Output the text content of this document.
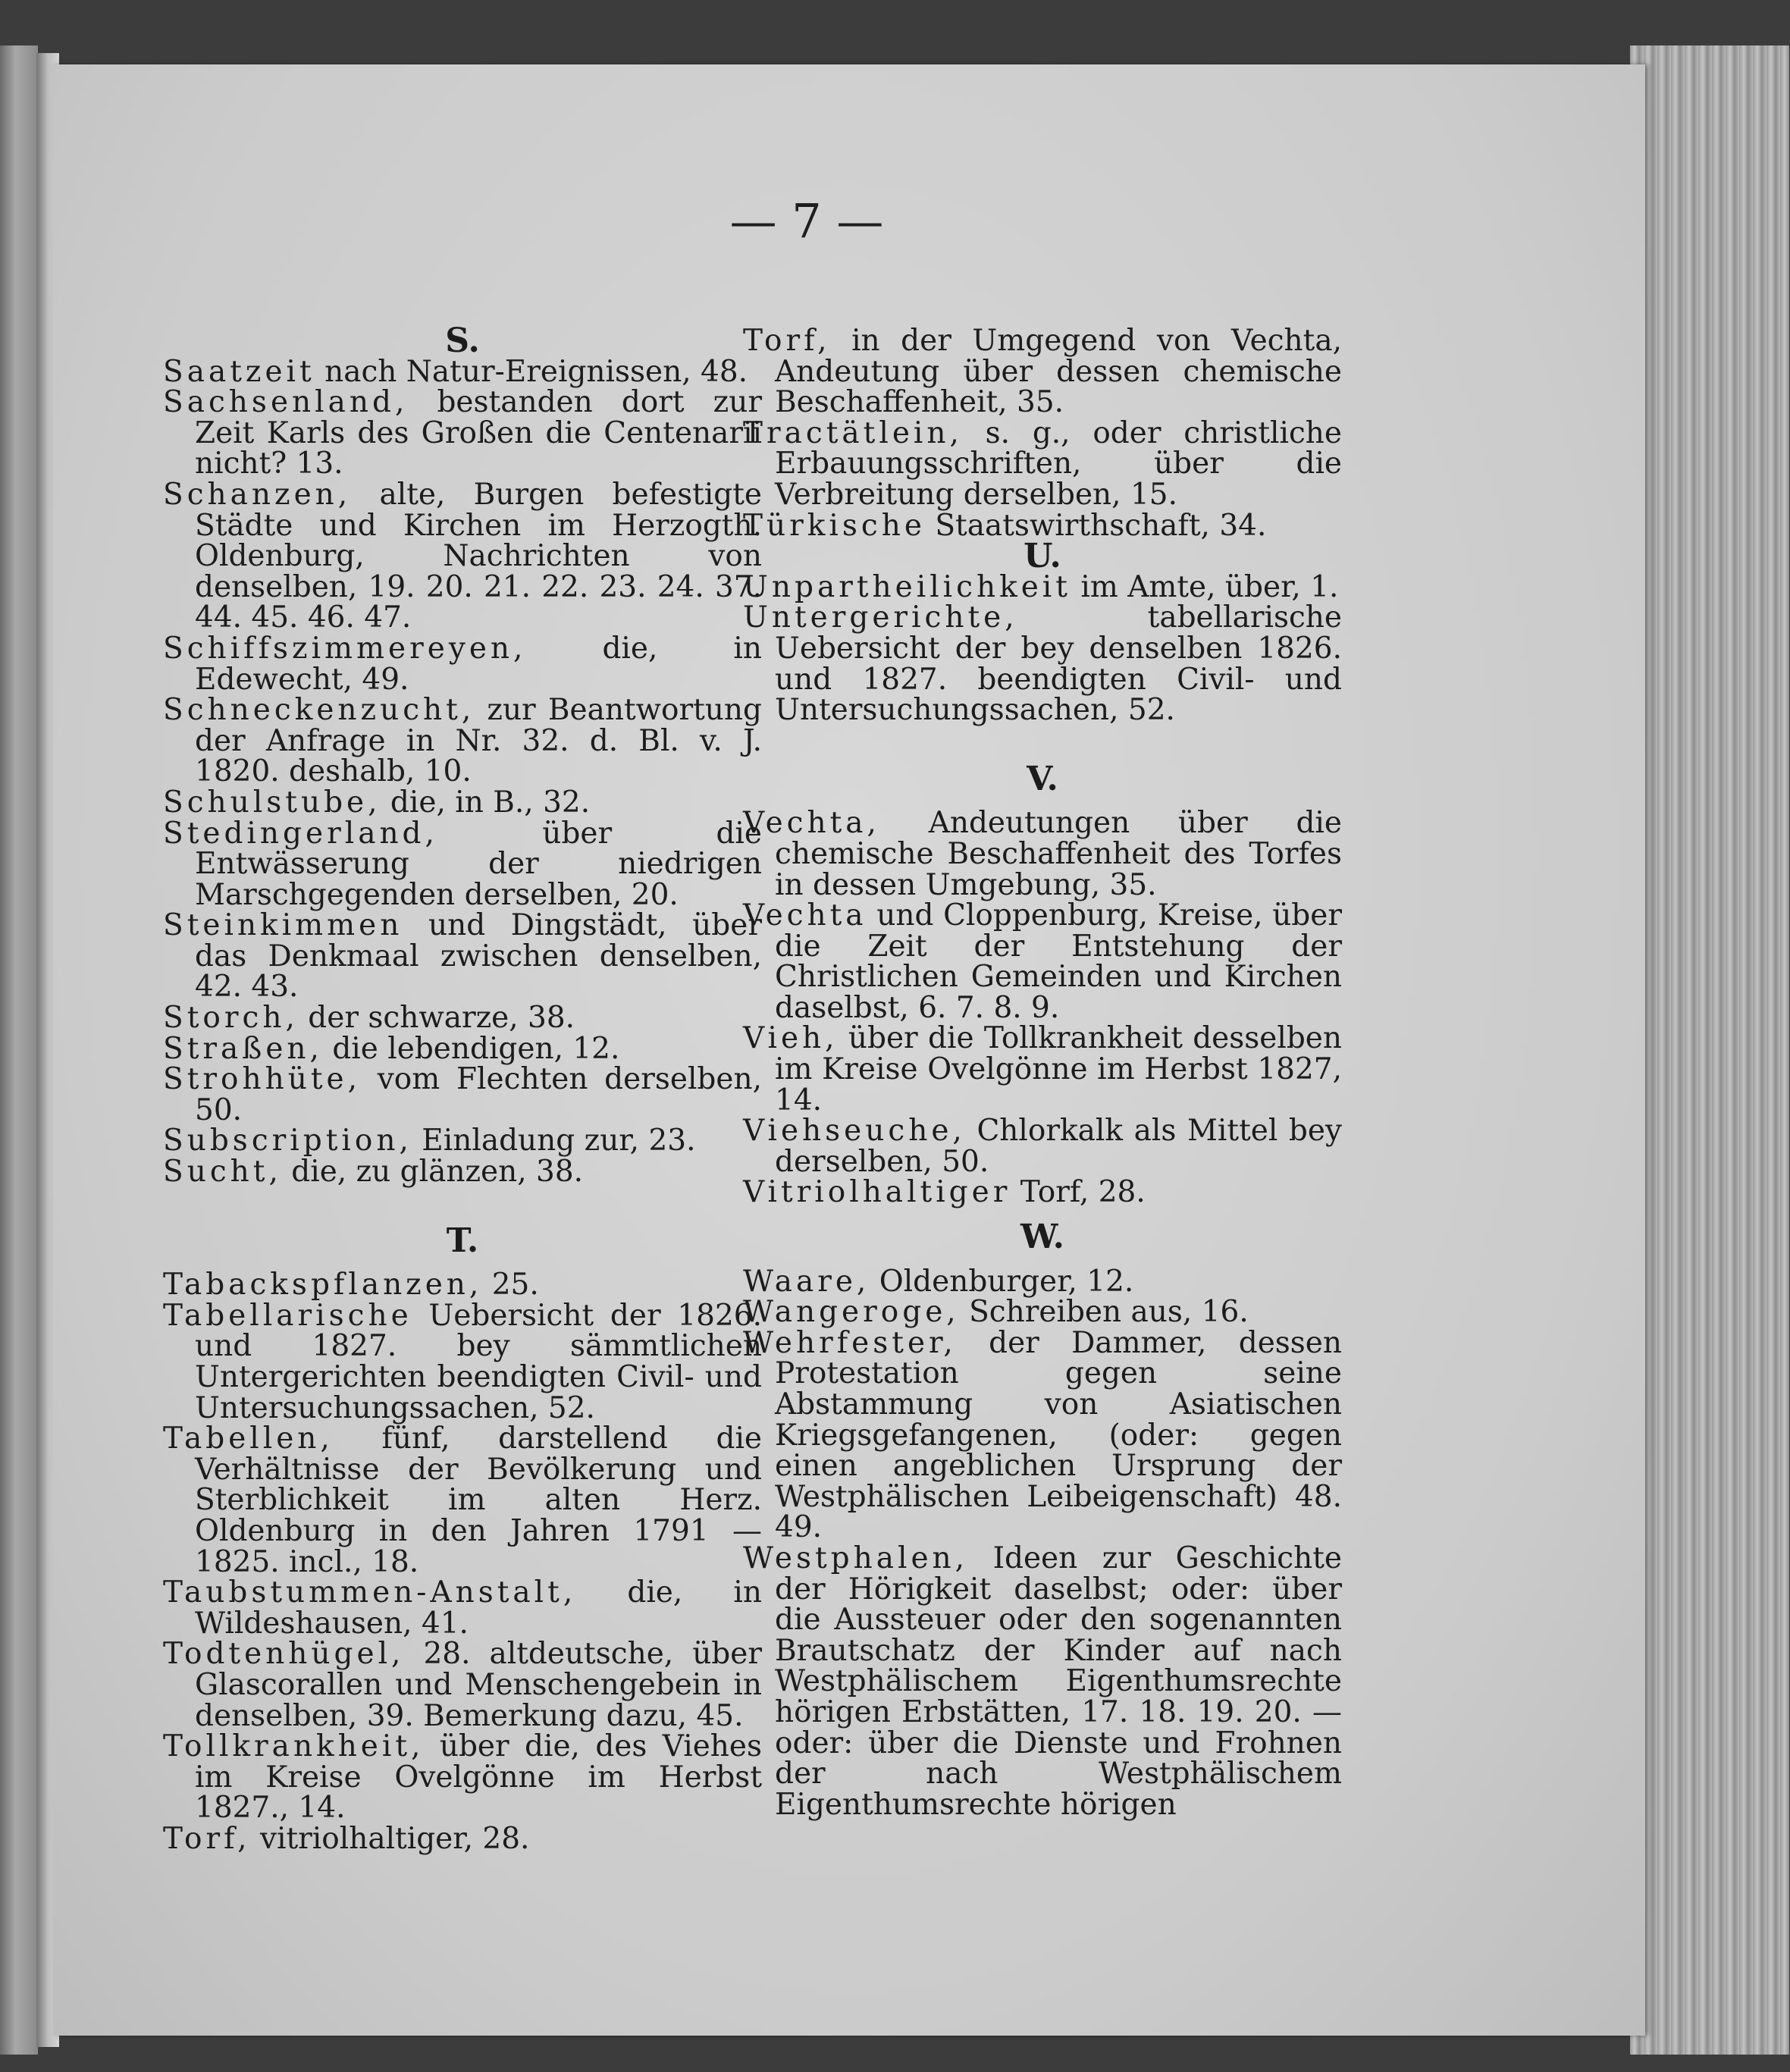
— 7 —

S.

Saatzeit nach Natur-Ereignissen, 48.

Sachsenland, bestanden dort zur Zeit Karls des Großen die Centenarii nicht? 13.

Schanzen, alte, Burgen befestigte Städte und Kirchen im Herzogth. Oldenburg, Nachrichten von denselben, 19. 20. 21. 22. 23. 24. 37. 44. 45. 46. 47.

Schiffszimmereyen,	die, in Edewecht, 49.

Schneckenzucht, zur Beantwortung der Anfrage in Nr. 32. d. Bl. v. J. 1820. deshalb, 10.

Schulstube, die, in B., 32.

Stedingerland,	über die Entwässerung der niedrigen Marschgegenden derselben, 20.

Steinkimmen und Dingstädt, über das Denkmaal zwischen denselben, 42. 43.

Storch, der schwarze, 38.

Straßen, die lebendigen, 12.

Strohhüte, vom Flechten derselben, 50.

Subscription, Einladung zur, 23.

Sucht, die, zu glänzen, 38.

T.

Tabackspflanzen, 25.

Tabellarische Uebersicht der 1826. und 1827. bey sämmtlichen Untergerichten beendigten Civil- und Untersuchungssachen, 52.

Tabellen, fünf, darstellend die Verhältnisse der Bevölkerung und Sterblichkeit im alten Herz. Oldenburg in den Jahren 1791 — 1825. incl., 18.

Taubstummen-Anstalt, die, in Wildeshausen, 41.

Todtenhügel, 28. altdeutsche, über Glascorallen und Menschengebein in denselben, 39. Bemerkung dazu, 45.

Tollkrankheit, über die, des Viehes im Kreise Ovelgönne im Herbst 1827., 14.

Torf, vitriolhaltiger, 28.

Torf, in der Umgegend von Vechta, Andeutung über dessen chemische Beschaffenheit, 35.

Tractätlein, s. g., oder christliche Erbauungsschriften, über die Verbreitung derselben, 15.

Türkische Staatswirthschaft, 34.

U.

Unpartheilichkeit im Amte, über, 1.

Untergerichte,	tabellarische Uebersicht der bey denselben 1826. und 1827. beendigten Civil- und Untersuchungssachen, 52.

V.

Vechta, Andeutungen über die chemische Beschaffenheit des Torfes in dessen Umgebung, 35.

Vechta und Cloppenburg, Kreise, über die Zeit der Entstehung der Christlichen Gemeinden und Kirchen daselbst, 6. 7. 8. 9.

Vieh, über die Tollkrankheit desselben im Kreise Ovelgönne im Herbst 1827, 14.

Viehseuche, Chlorkalk als Mittel bey derselben, 50.

Vitriolhaltiger Torf, 28.

W.

Waare, Oldenburger, 12.

Wangeroge, Schreiben aus, 16.

Wehrfester, der Dammer, dessen Protestation gegen seine Abstammung von Asiatischen Kriegsgefangenen, (oder: gegen einen angeblichen Ursprung der Westphälischen Leibeigenschaft) 48. 49.

Westphalen, Ideen zur Geschichte der Hörigkeit daselbst; oder: über die Aussteuer oder den sogenannten Brautschatz der Kinder auf nach Westphälischem Eigenthumsrechte hörigen Erbstätten, 17. 18. 19. 20. — oder: über die Dienste und Frohnen der nach Westphälischem Eigenthumsrechte hörigen
